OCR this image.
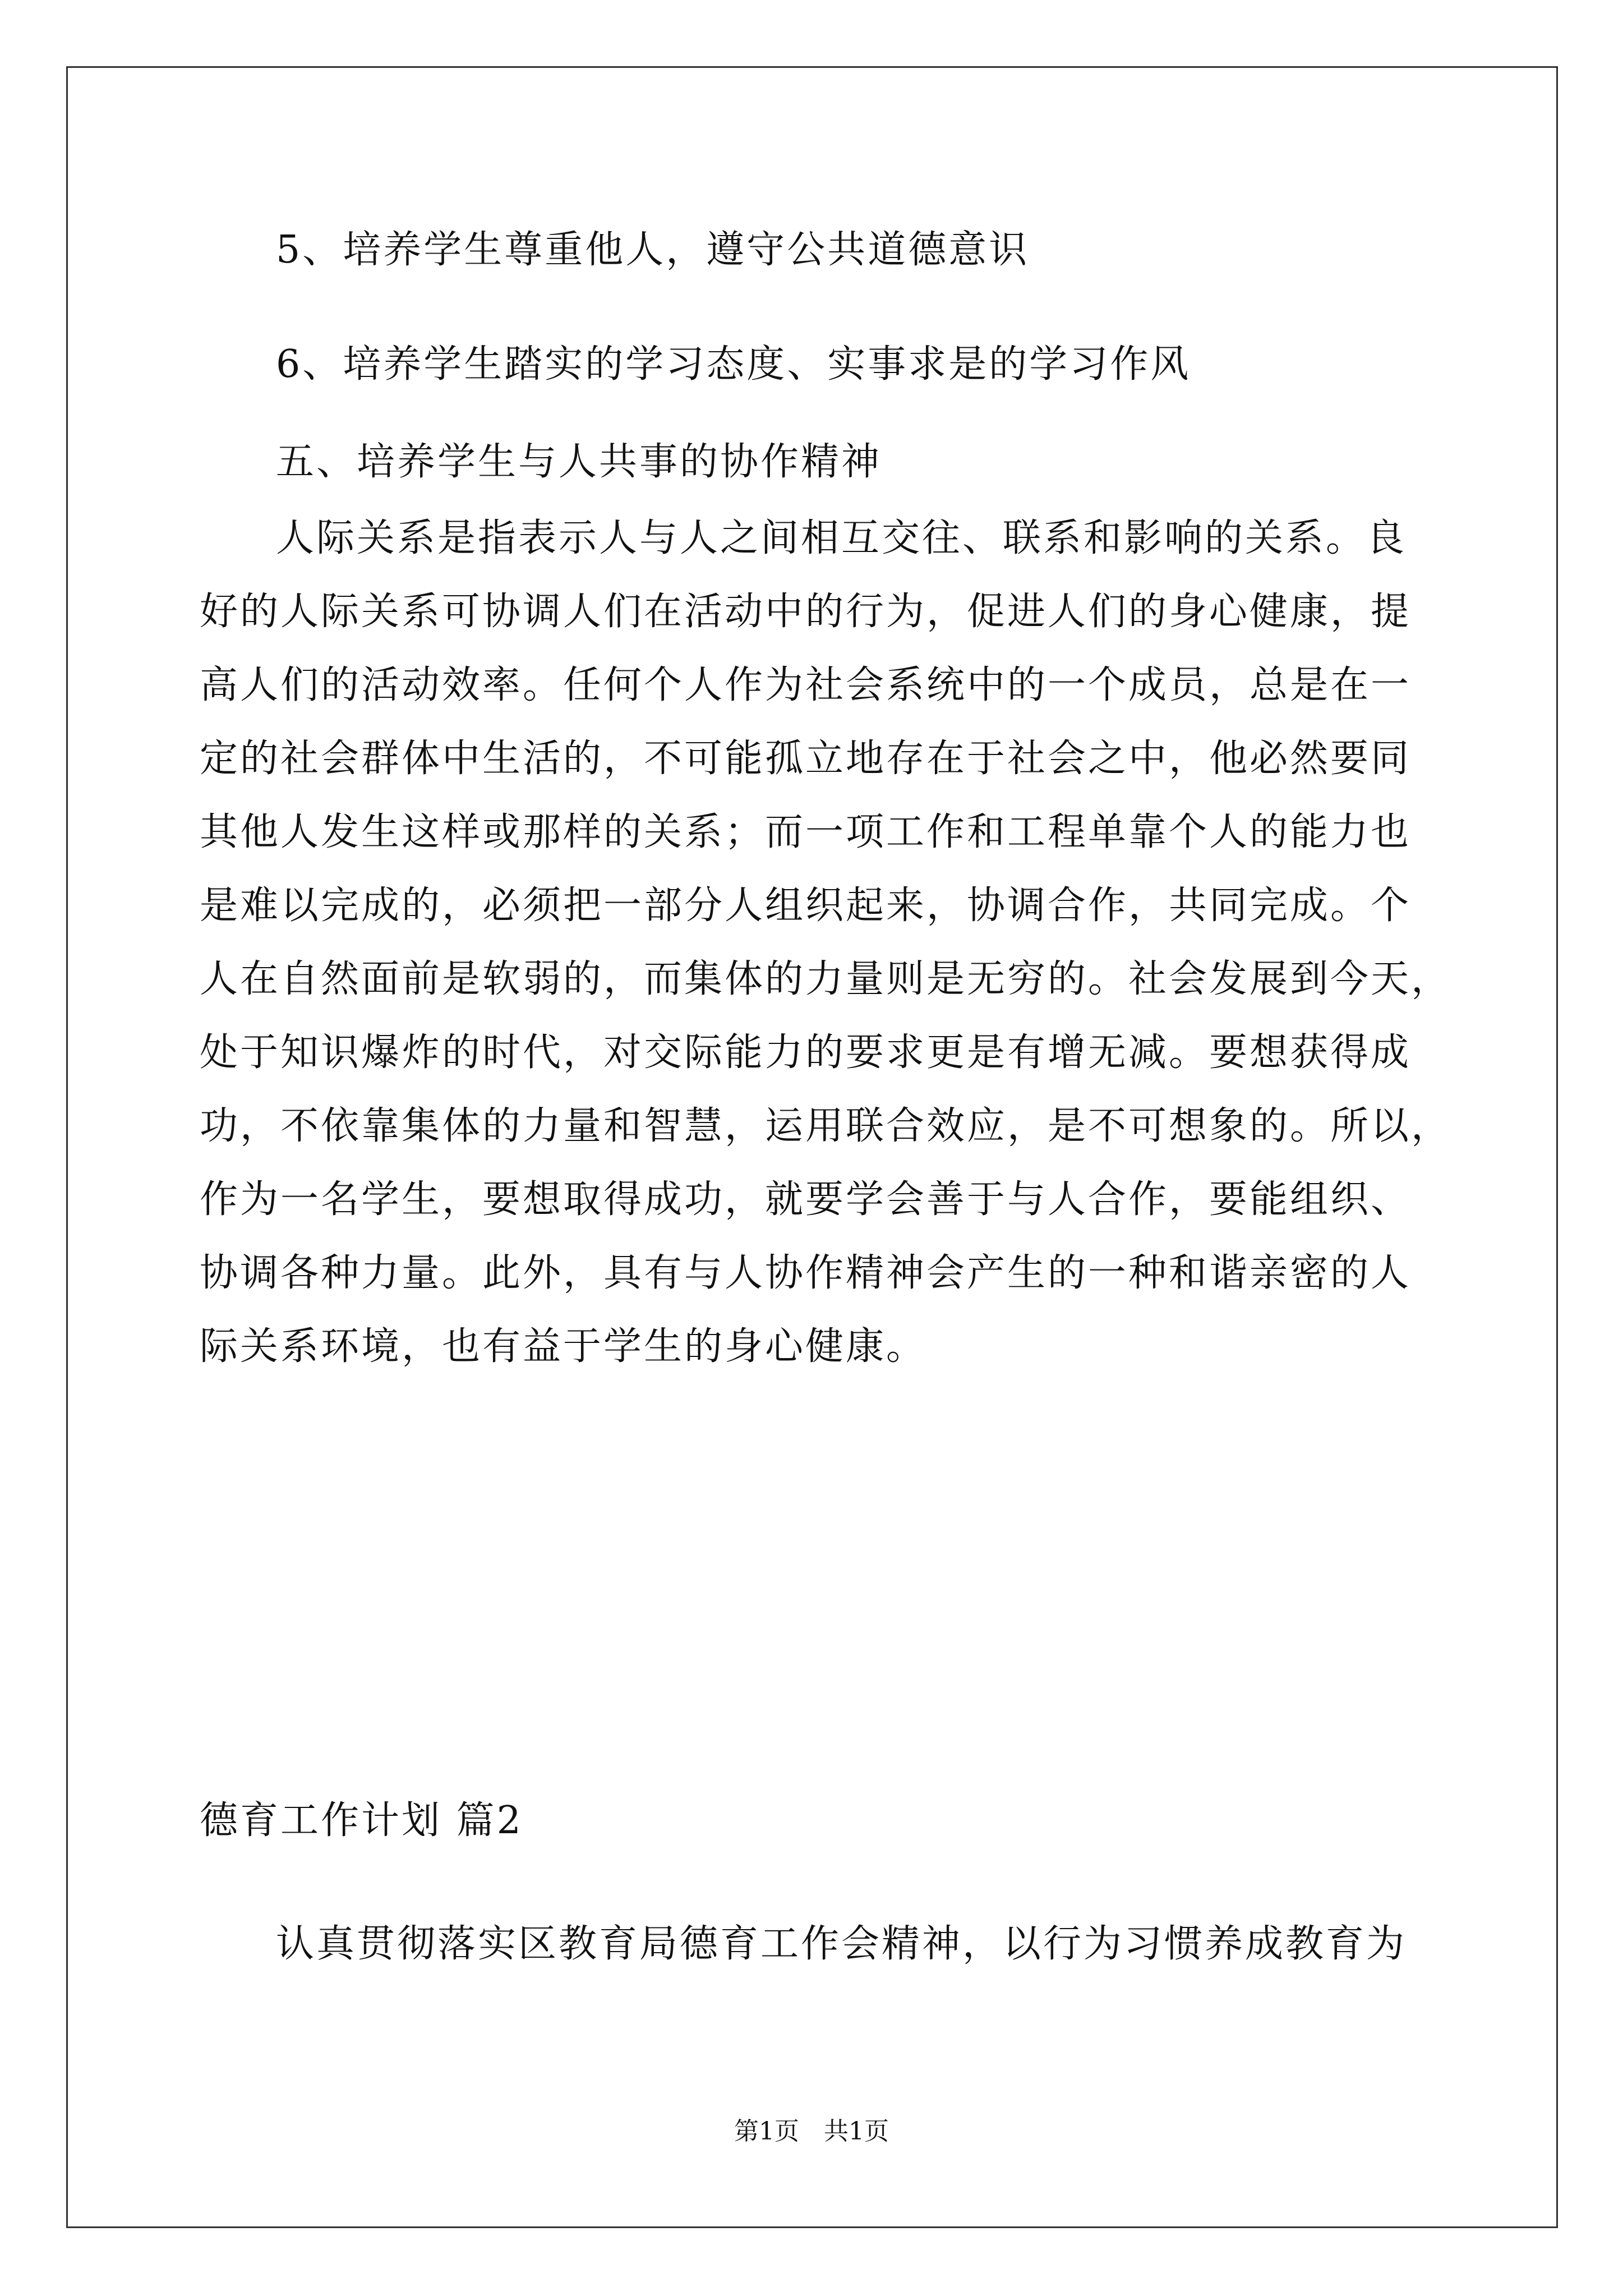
5、培养学生尊重他人，遵守公共道德意识

6、培养学生踏实的学习态度、实事求是的学习作风

五、培养学生与人共事的协作精神

人际关系是指表示人与人之间相互交往、联系和影响的关系。良
好的人际关系可协调人们在活动中的行为，促进人们的身心健康，提
高人们的活动效率。任何个人作为社会系统中的一个成员，总是在一
定的社会群体中生活的，不可能孤立地存在于社会之中，他必然要同
其他人发生这样或那样的关系；而一项工作和工程单靠个人的能力也
是难以完成的，必须把一部分人组织起来，协调合作，共同完成。个
人在自然面前是软弱的，而集体的力量则是无穷的。社会发展到今天，
处于知识爆炸的时代，对交际能力的要求更是有增无减。要想获得成
功，不依靠集体的力量和智慧，运用联合效应，是不可想象的。所以，
作为一名学生，要想取得成功，就要学会善于与人合作，要能组织、
协调各种力量。此外，具有与人协作精神会产生的一种和谐亲密的人
际关系环境，也有益于学生的身心健康。

德育工作计划 篇2

认真贯彻落实区教育局德育工作会精神，以行为习惯养成教育为

第1页　共1页
